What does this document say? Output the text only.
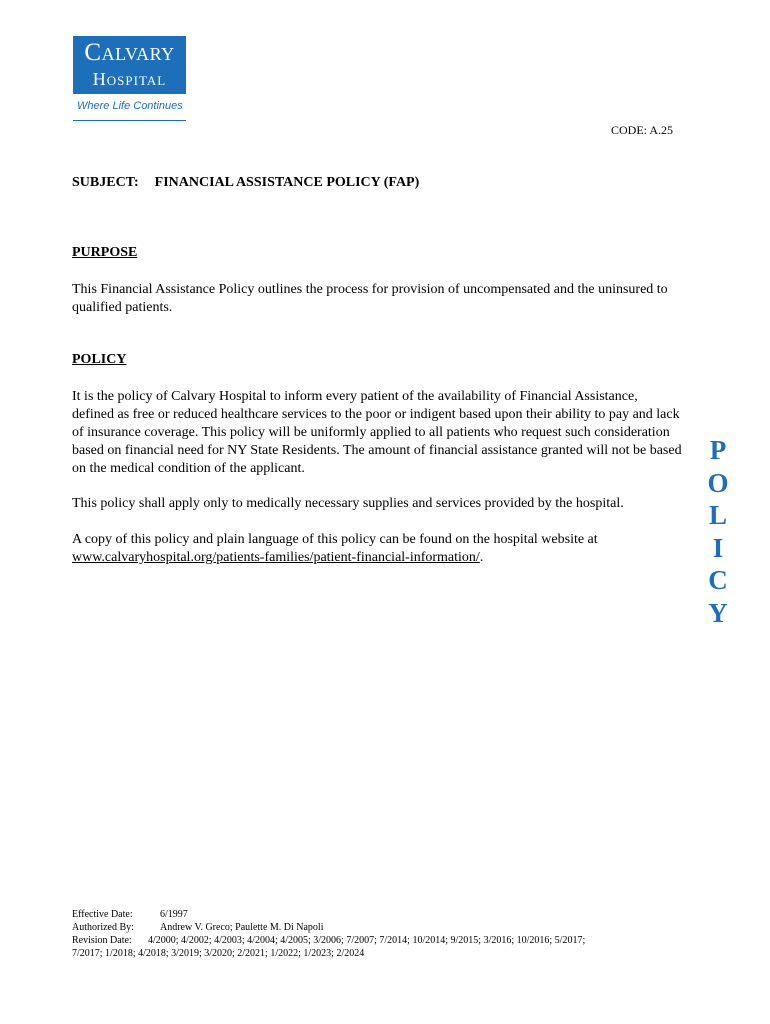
Calvary
Hospital
Where Life Continues
CODE: A.25
SUBJECT: FINANCIAL ASSISTANCE POLICY (FAP)
PURPOSE
This Financial Assistance Policy outlines the process for provision of uncompensated and the uninsured to qualified patients.
POLICY
It is the policy of Calvary Hospital to inform every patient of the availability of Financial Assistance, defined as free or reduced healthcare services to the poor or indigent based upon their ability to pay and lack of insurance coverage. This policy will be uniformly applied to all patients who request such consideration based on financial need for NY State Residents. The amount of financial assistance granted will not be based on the medical condition of the applicant.
This policy shall apply only to medically necessary supplies and services provided by the hospital.
A copy of this policy and plain language of this policy can be found on the hospital website at www.calvaryhospital.org/patients-families/patient-financial-information/.
P
O
L
I
C
Y
Effective Date:	6/1997
Authorized By:	Andrew V. Greco; Paulette M. Di Napoli
Revision Date: 4/2000; 4/2002; 4/2003; 4/2004; 4/2005; 3/2006; 7/2007; 7/2014; 10/2014; 9/2015; 3/2016; 10/2016; 5/2017;
7/2017; 1/2018; 4/2018; 3/2019; 3/2020; 2/2021; 1/2022; 1/2023; 2/2024
